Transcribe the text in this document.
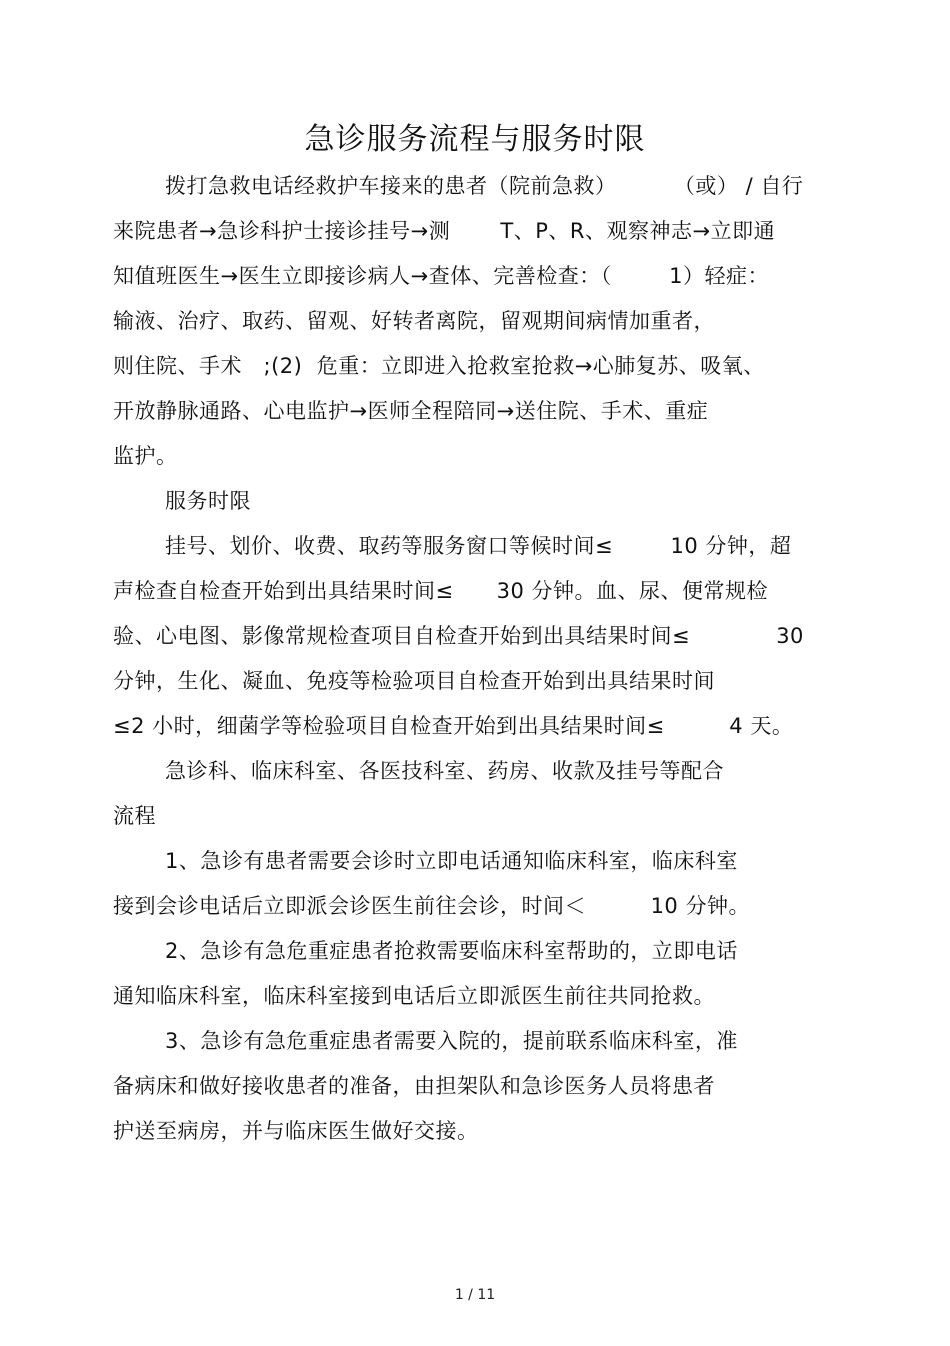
急诊服务流程与服务时限
拨打急救电话经救护车接来的患者（院前急救）        （或） / 自行
来院患者→急诊科护士接诊挂号→测       T、P、R、观察神志→立即通
知值班医生→医生立即接诊病人→查体、完善检查：（        1）轻症：
输液、治疗、取药、留观、好转者离院，留观期间病情加重者，
则住院、手术   ;(2)  危重：立即进入抢救室抢救→心肺复苏、吸氧、
开放静脉通路、心电监护→医师全程陪同→送住院、手术、重症
监护。
服务时限
挂号、划价、收费、取药等服务窗口等候时间≤        10 分钟，超
声检查自检查开始到出具结果时间≤      30 分钟。血、尿、便常规检
验、心电图、影像常规检查项目自检查开始到出具结果时间≤            30
分钟，生化、凝血、免疫等检验项目自检查开始到出具结果时间
≤2 小时，细菌学等检验项目自检查开始到出具结果时间≤         4 天。
急诊科、临床科室、各医技科室、药房、收款及挂号等配合
流程
1、急诊有患者需要会诊时立即电话通知临床科室，临床科室
接到会诊电话后立即派会诊医生前往会诊，时间＜         10 分钟。
2、急诊有急危重症患者抢救需要临床科室帮助的，立即电话
通知临床科室，临床科室接到电话后立即派医生前往共同抢救。
3、急诊有急危重症患者需要入院的，提前联系临床科室，准
备病床和做好接收患者的准备，由担架队和急诊医务人员将患者
护送至病房，并与临床医生做好交接。
1 / 11
